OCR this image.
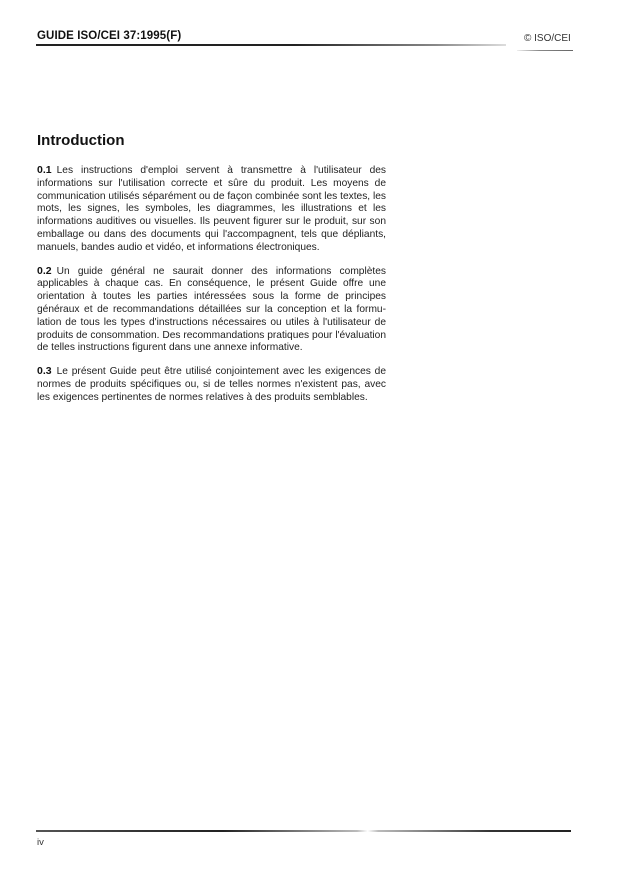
GUIDE ISO/CEI 37:1995(F)	© ISO/CEI
Introduction

0.1 Les instructions d'emploi servent à transmettre à l'utilisateur des informations sur l'utilisation correcte et sûre du produit. Les moyens de communication utilisés séparément ou de façon combinée sont les textes, les mots, les signes, les symboles, les diagrammes, les illustrations et les informations auditives ou visuelles. Ils peuvent figurer sur le produit, sur son emballage ou dans des documents qui l'accompagnent, tels que dépliants, manuels, bandes audio et vidéo, et informations électroniques.

0.2 Un guide général ne saurait donner des informations complètes applicables à chaque cas. En conséquence, le présent Guide offre une orientation à toutes les parties intéressées sous la forme de principes généraux et de recommandations détaillées sur la conception et la formulation de tous les types d'instructions nécessaires ou utiles à l'utilisateur de produits de consommation. Des recommandations pratiques pour l'évaluation de telles instructions figurent dans une annexe informative.

0.3 Le présent Guide peut être utilisé conjointement avec les exigences de normes de produits spécifiques ou, si de telles normes n'existent pas, avec les exigences pertinentes de normes relatives à des produits semblables.

iv
